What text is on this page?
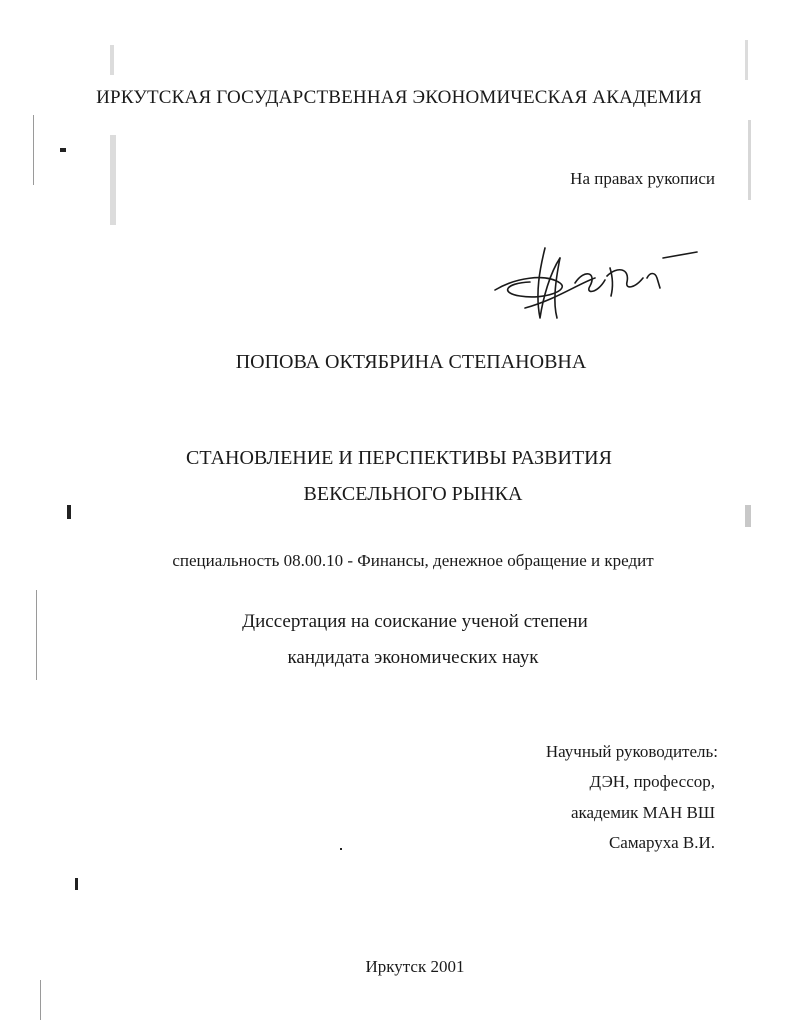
ИРКУТСКАЯ ГОСУДАРСТВЕННАЯ ЭКОНОМИЧЕСКАЯ АКАДЕМИЯ
На правах рукописи
ПОПОВА ОКТЯБРИНА СТЕПАНОВНА
СТАНОВЛЕНИЕ И ПЕРСПЕКТИВЫ РАЗВИТИЯ
ВЕКСЕЛЬНОГО РЫНКА
специальность 08.00.10 - Финансы, денежное обращение и кредит
Диссертация на соискание ученой степени
кандидата экономических наук
Научный руководитель:
ДЭН, профессор,
академик МАН ВШ
Самаруха В.И.
Иркутск 2001
